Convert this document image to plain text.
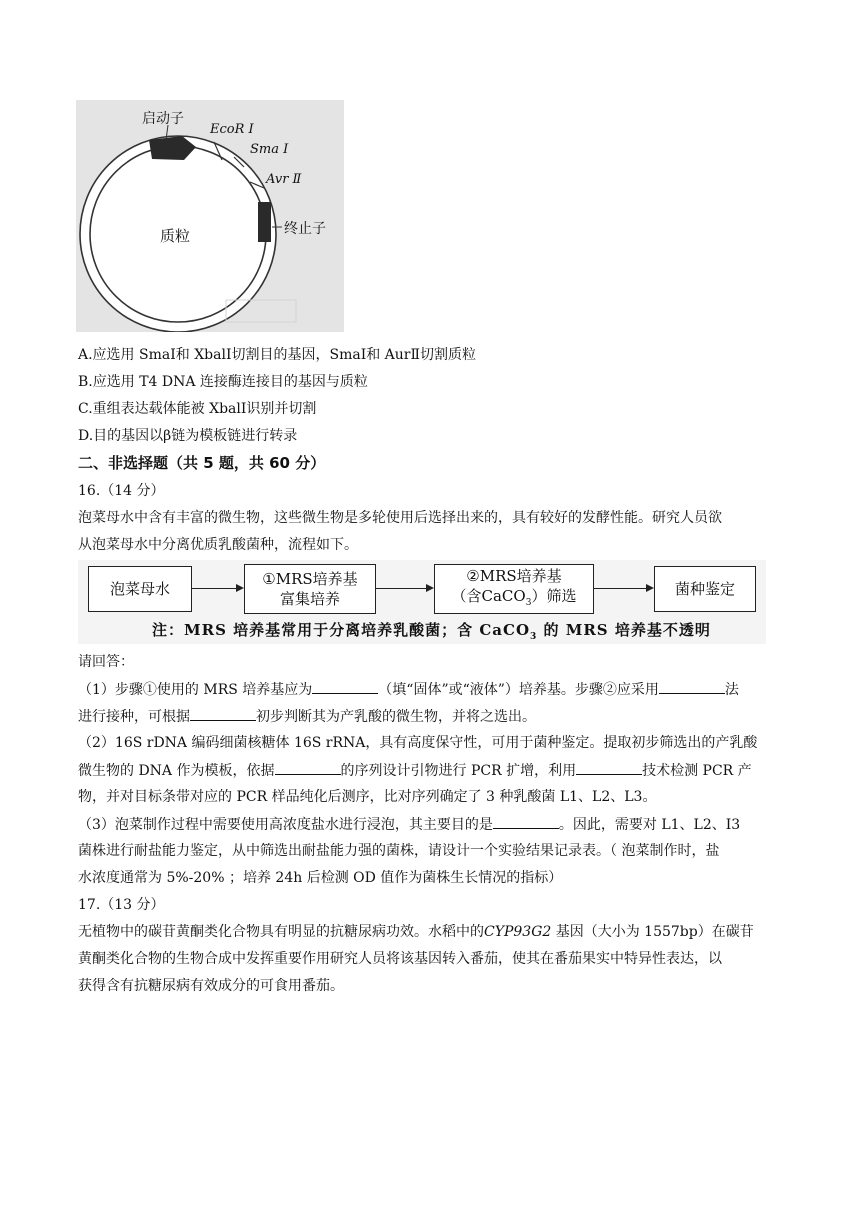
启动子
EcoR Ⅰ
Sma Ⅰ
Avr Ⅱ
质粒	终止子
A.应选用 SmaⅠ和 XbalⅠ切割目的基因，SmaⅠ和 AurⅡ切割质粒
B.应选用 T4 DNA 连接酶连接目的基因与质粒
C.重组表达载体能被 XbalⅠ识别并切割
D.目的基因以β链为模板链进行转录
二、非选择题（共 5 题，共 60 分）
16.（14 分）
泡菜母水中含有丰富的微生物，这些微生物是多轮使用后选择出来的，具有较好的发酵性能。研究人员欲
从泡菜母水中分离优质乳酸菌种，流程如下。
泡菜母水
①MRS培养基
富集培养
②MRS培养基
（含CaCO$_3$）筛选	菌种鉴定
注：MRS 培养基常用于分离培养乳酸菌；含 CaCO$_3$ 的 MRS 培养基不透明
请回答：
（1）步骤①使用的 MRS 培养基应为	（填“固体”或“液体”）培养基。步骤②应采用	法
进行接种，可根据	初步判断其为产乳酸的微生物，并将之选出。
（2）16S rDNA 编码细菌核糖体 16S rRNA，具有高度保守性，可用于菌种鉴定。提取初步筛选出的产乳酸
微生物的 DNA 作为模板，依据	的序列设计引物进行 PCR 扩增，利用	技术检测 PCR 产
物，并对目标条带对应的 PCR 样品纯化后测序，比对序列确定了 3 种乳酸菌 L1、L2、L3。
（3）泡菜制作过程中需要使用高浓度盐水进行浸泡，其主要目的是	。因此，需要对 L1、L2、I3
菌株进行耐盐能力鉴定，从中筛选出耐盐能力强的菌株，请设计一个实验结果记录表。（ 泡菜制作时，盐
水浓度通常为 5%-20% ；培养 24h 后检测 OD 值作为菌株生长情况的指标）
17.（13 分）
无植物中的碳苷黄酮类化合物具有明显的抗糖尿病功效。水稻中的CYP93G2 基因（大小为 1557bp）在碳苷
黄酮类化合物的生物合成中发挥重要作用研究人员将该基因转入番茄，使其在番茄果实中特异性表达，以
获得含有抗糖尿病有效成分的可食用番茄。
